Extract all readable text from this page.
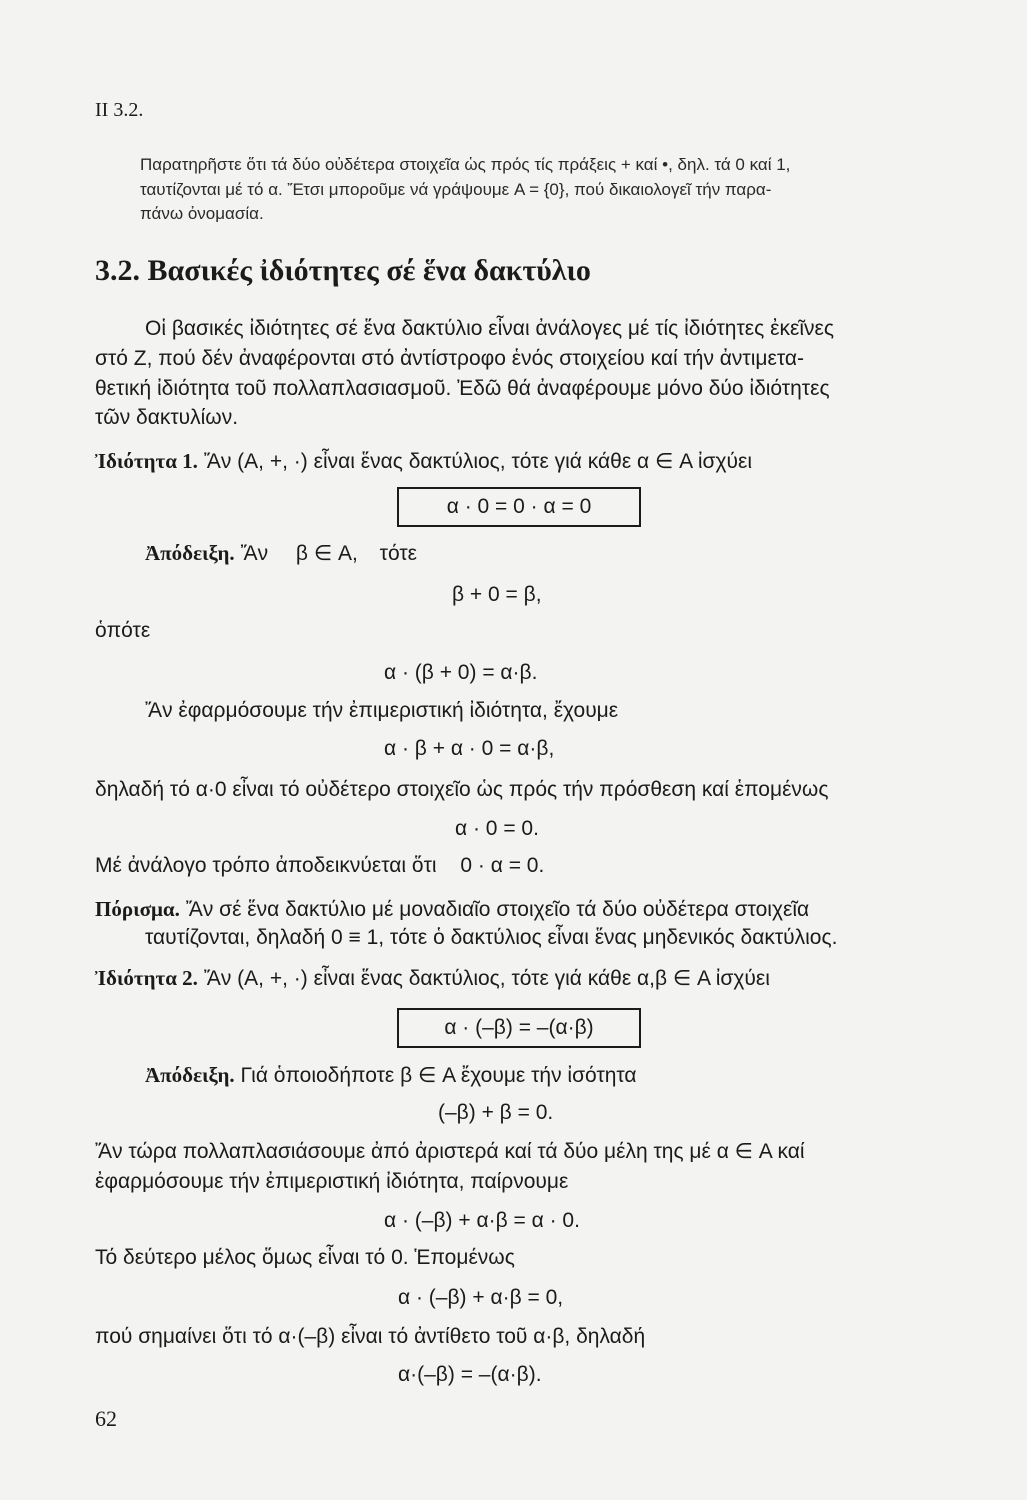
II 3.2.
Παρατηρῆστε ὅτι τά δύο οὐδέτερα στοιχεῖα ὡς πρός τίς πράξεις + καί •, δηλ. τά 0 καί 1,
ταυτίζονται μέ τό α. Ἔτσι μποροῦμε νά γράψουμε A = {0}, πού δικαιολογεῖ τήν παρα-
πάνω ὀνομασία.
3.2. Βασικές ἰδιότητες σέ ἕνα δακτύλιο
Οἱ βασικές ἰδιότητες σέ ἕνα δακτύλιο εἶναι ἀνάλογες μέ τίς ἰδιότητες ἐκεῖνες
στό Z, πού δέν ἀναφέρονται στό ἀντίστροφο ἑνός στοιχείου καί τήν ἀντιμετα-
θετική ἰδιότητα τοῦ πολλαπλασιασμοῦ. Ἐδῶ θά ἀναφέρουμε μόνο δύο ἰδιότητες
τῶν δακτυλίων.
Ἰδιότητα 1. Ἄν (A, +, ·) εἶναι ἕνας δακτύλιος, τότε γιά κάθε α ∈ A ἰσχύει
α · 0 = 0 · α = 0
Ἀπόδειξη. Ἄν β ∈ A, τότε
β + 0 = β,
ὁπότε
α · (β + 0) = α·β.
Ἄν ἐφαρμόσουμε τήν ἐπιμεριστική ἰδιότητα, ἔχουμε
α · β + α · 0 = α·β,
δηλαδή τό α·0 εἶναι τό οὐδέτερο στοιχεῖο ὡς πρός τήν πρόσθεση καί ἑπομένως
α · 0 = 0.
Μέ ἀνάλογο τρόπο ἀποδεικνύεται ὅτι 0 · α = 0.
Πόρισμα. Ἄν σέ ἕνα δακτύλιο μέ μοναδιαῖο στοιχεῖο τά δύο οὐδέτερα στοιχεῖα
ταυτίζονται, δηλαδή 0 ≡ 1, τότε ὁ δακτύλιος εἶναι ἕνας μηδενικός δακτύλιος.
Ἰδιότητα 2. Ἄν (A, +, ·) εἶναι ἕνας δακτύλιος, τότε γιά κάθε α,β ∈ A ἰσχύει
α · (–β) = –(α·β)
Ἀπόδειξη. Γιά ὁποιοδήποτε β ∈ A ἔχουμε τήν ἰσότητα
(–β) + β = 0.
Ἄν τώρα πολλαπλασιάσουμε ἀπό ἀριστερά καί τά δύο μέλη της μέ α ∈ A καί
ἐφαρμόσουμε τήν ἐπιμεριστική ἰδιότητα, παίρνουμε
α · (–β) + α·β = α · 0.
Τό δεύτερο μέλος ὅμως εἶναι τό 0. Ἑπομένως
α · (–β) + α·β = 0,
πού σημαίνει ὅτι τό α·(–β) εἶναι τό ἀντίθετο τοῦ α·β, δηλαδή
α·(–β) = –(α·β).
62
